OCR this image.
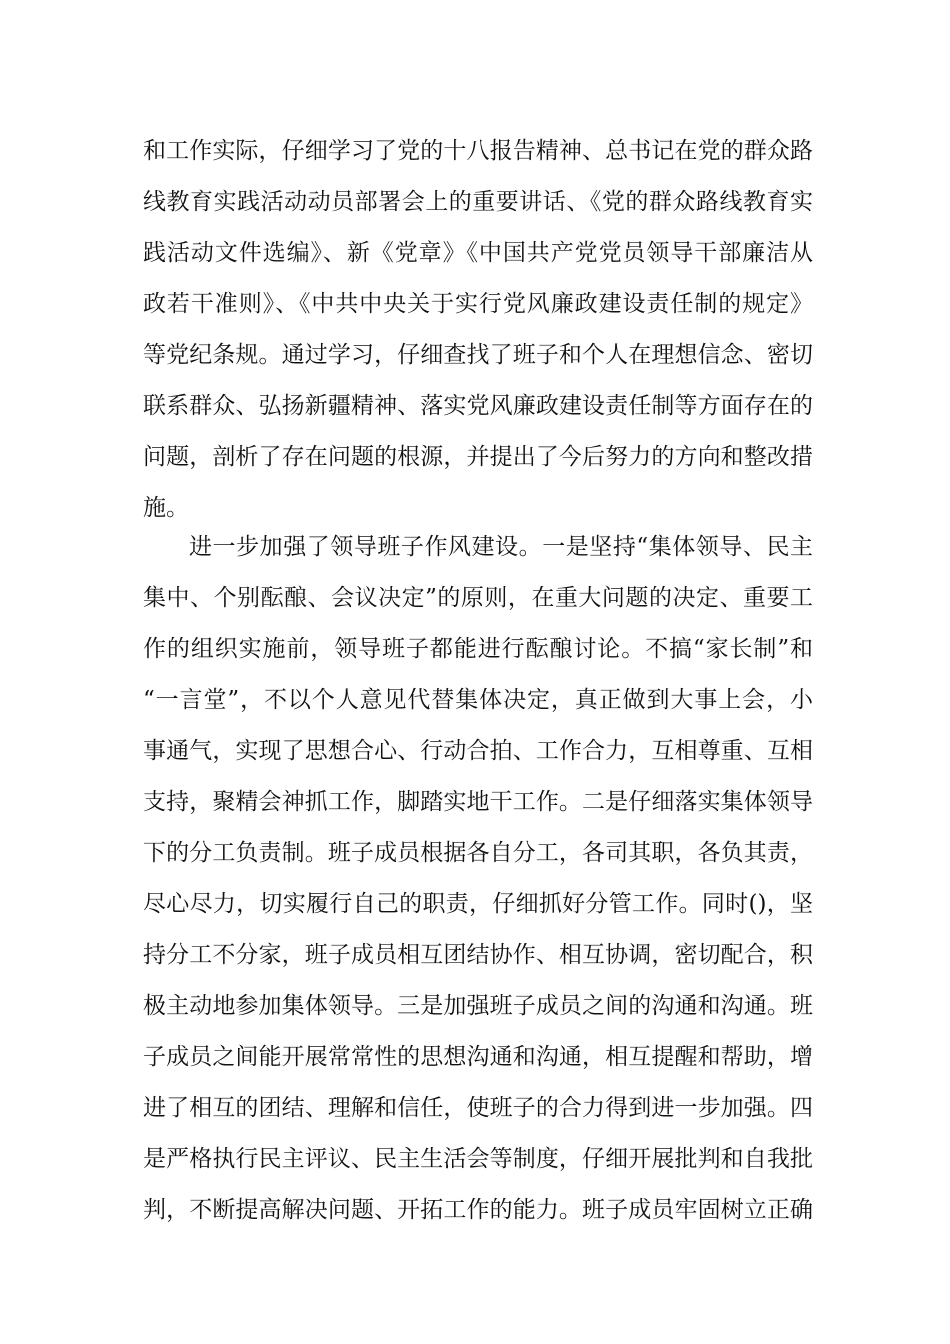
和工作实际，仔细学习了党的十八报告精神、总书记在党的群众路
线教育实践活动动员部署会上的重要讲话、《党的群众路线教育实
践活动文件选编》、新《党章》《中国共产党党员领导干部廉洁从
政若干准则》、《中共中央关于实行党风廉政建设责任制的规定》
等党纪条规。通过学习，仔细查找了班子和个人在理想信念、密切
联系群众、弘扬新疆精神、落实党风廉政建设责任制等方面存在的
问题，剖析了存在问题的根源，并提出了今后努力的方向和整改措
施。
进一步加强了领导班子作风建设。一是坚持“集体领导、民主
集中、个别酝酿、会议决定”的原则，在重大问题的决定、重要工
作的组织实施前，领导班子都能进行酝酿讨论。不搞“家长制”和
“一言堂”，不以个人意见代替集体决定，真正做到大事上会，小
事通气，实现了思想合心、行动合拍、工作合力，互相尊重、互相
支持，聚精会神抓工作，脚踏实地干工作。二是仔细落实集体领导
下的分工负责制。班子成员根据各自分工，各司其职，各负其责，
尽心尽力，切实履行自己的职责，仔细抓好分管工作。同时()，坚
持分工不分家，班子成员相互团结协作、相互协调，密切配合，积
极主动地参加集体领导。三是加强班子成员之间的沟通和沟通。班
子成员之间能开展常常性的思想沟通和沟通，相互提醒和帮助，增
进了相互的团结、理解和信任，使班子的合力得到进一步加强。四
是严格执行民主评议、民主生活会等制度，仔细开展批判和自我批
判，不断提高解决问题、开拓工作的能力。班子成员牢固树立正确
